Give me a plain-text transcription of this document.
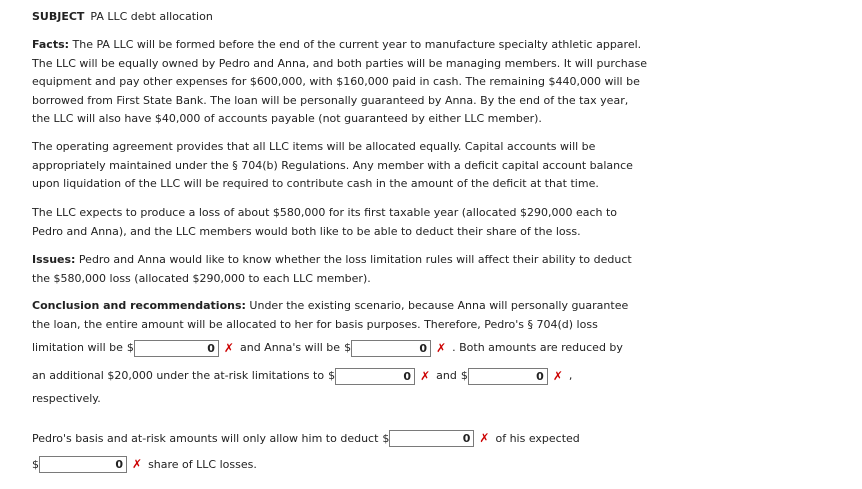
SUBJECT PA LLC debt allocation

Facts: The PA LLC will be formed before the end of the current year to manufacture specialty athletic apparel. The LLC will be equally owned by Pedro and Anna, and both parties will be managing members. It will purchase equipment and pay other expenses for $600,000, with $160,000 paid in cash. The remaining $440,000 will be borrowed from First State Bank. The loan will be personally guaranteed by Anna. By the end of the tax year, the LLC will also have $40,000 of accounts payable (not guaranteed by either LLC member).

The operating agreement provides that all LLC items will be allocated equally. Capital accounts will be appropriately maintained under the § 704(b) Regulations. Any member with a deficit capital account balance upon liquidation of the LLC will be required to contribute cash in the amount of the deficit at that time.

The LLC expects to produce a loss of about $580,000 for its first taxable year (allocated $290,000 each to Pedro and Anna), and the LLC members would both like to be able to deduct their share of the loss.

Issues: Pedro and Anna would like to know whether the loss limitation rules will affect their ability to deduct the $580,000 loss (allocated $290,000 to each LLC member).

Conclusion and recommendations: Under the existing scenario, because Anna will personally guarantee the loan, the entire amount will be allocated to her for basis purposes. Therefore, Pedro's § 704(d) loss

limitation will be $	0 ✗ and Anna's will be $	0 ✗ . Both amounts are reduced by
an additional $20,000 under the at-risk limitations to $	0 ✗ and $	0 ✗ ,
respectively.
Pedro's basis and at-risk amounts will only allow him to deduct $	0 ✗ of his expected
$	0 ✗ share of LLC losses.
